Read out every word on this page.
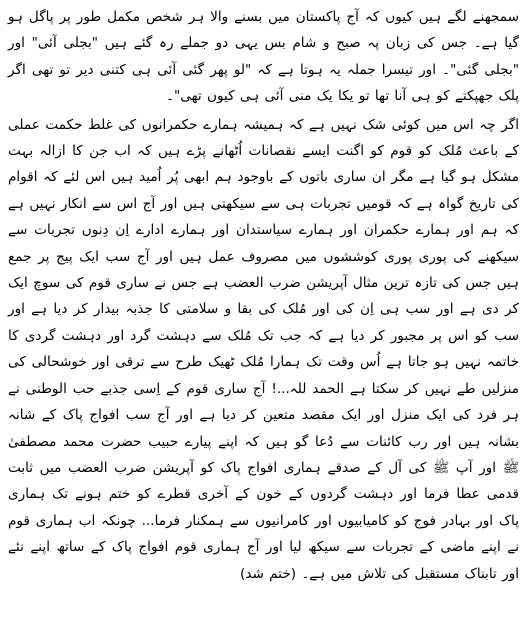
سمجھنے لگے ہیں کیوں کہ آج پاکستان میں بسنے والا ہر شخص مکمل طور پر پاگل ہو گیا ہے۔ جس کی زبان پہ صبح و شام بس یہی دو جملے رہ گئے ہیں "بجلی آئی" اور "بجلی گئی"۔ اور تیسرا جملہ یہ ہوتا ہے کہ "لو پھر گئی آئی ہی کتنی دیر تو تھی اگر پلک جھپکتے کو ہی آنا تھا تو یکا یک منی آئی ہی کیوں تھی"۔

اگر چہ اس میں کوئی شک نہیں ہے کہ ہمیشہ ہمارے حکمرانوں کی غلط حکمت عملی کے باعث مُلک کو قوم کو اگنت ایسے نقصانات اُٹھانے پڑے ہیں کہ اب جن کا ازالہ بہت مشکل ہو گیا ہے مگر ان ساری باتوں کے باوجود ہم ابھی پُر اُمید ہیں اس لئے کہ اقوام کی تاریخ گواہ ہے کہ قومیں تجربات ہی سے سیکھتی ہیں اور آج اس سے انکار نہیں ہے کہ ہم اور ہمارے حکمران اور ہمارے سیاستدان اور ہمارے ادارے اِن دِنوں تجربات سے سیکھنے کی پوری پوری کوششوں میں مصروف عمل ہیں اور آج سب ایک پیج پر جمع ہیں جس کی تازہ ترین مثال آپریشن ضرب العضب ہے جس نے ساری قوم کی سوچ ایک کر دی ہے اور سب ہی اِن کی اور مُلک کی بقا و سلامتی کا جذبہ بیدار کر دیا ہے اور سب کو اس پر مجبور کر دیا ہے کہ جب تک مُلک سے دہشت گرد اور دہشت گردی کا خاتمہ نہیں ہو جاتا ہے اُس وقت تک ہمارا مُلک ٹھیک طرح سے ترقی اور خوشحالی کی منزلیں طے نہیں کر سکتا ہے الحمد للہ...! آج ساری قوم کے اِسی جذبے حب الوطنی نے ہر فرد کی ایک منزل اور ایک مقصد متعین کر دیا ہے اور آج سب افواج پاک کے شانہ بشانہ ہیں اور رب کائنات سے دُعا گو ہیں کہ اپنے پیارے حبیب حضرت محمد مصطفیٰ ﷺ اور آپ ﷺ کی آل کے صدقے ہماری افواج پاک کو آپریشن ضرب العضب میں ثابت قدمی عطا فرما اور دہشت گردوں کے خون کے آخری قطرے کو ختم ہونے تک ہماری پاک اور بہادر فوج کو کامیابیوں اور کامرانیوں سے ہمکنار فرما... چونکہ اب ہماری قوم نے اپنے ماضی کے تجربات سے سیکھ لیا اور آج ہماری قوم افواج پاک کے ساتھ اپنے نئے اور تابناک مستقبل کی تلاش میں ہے۔ (ختم شد)
